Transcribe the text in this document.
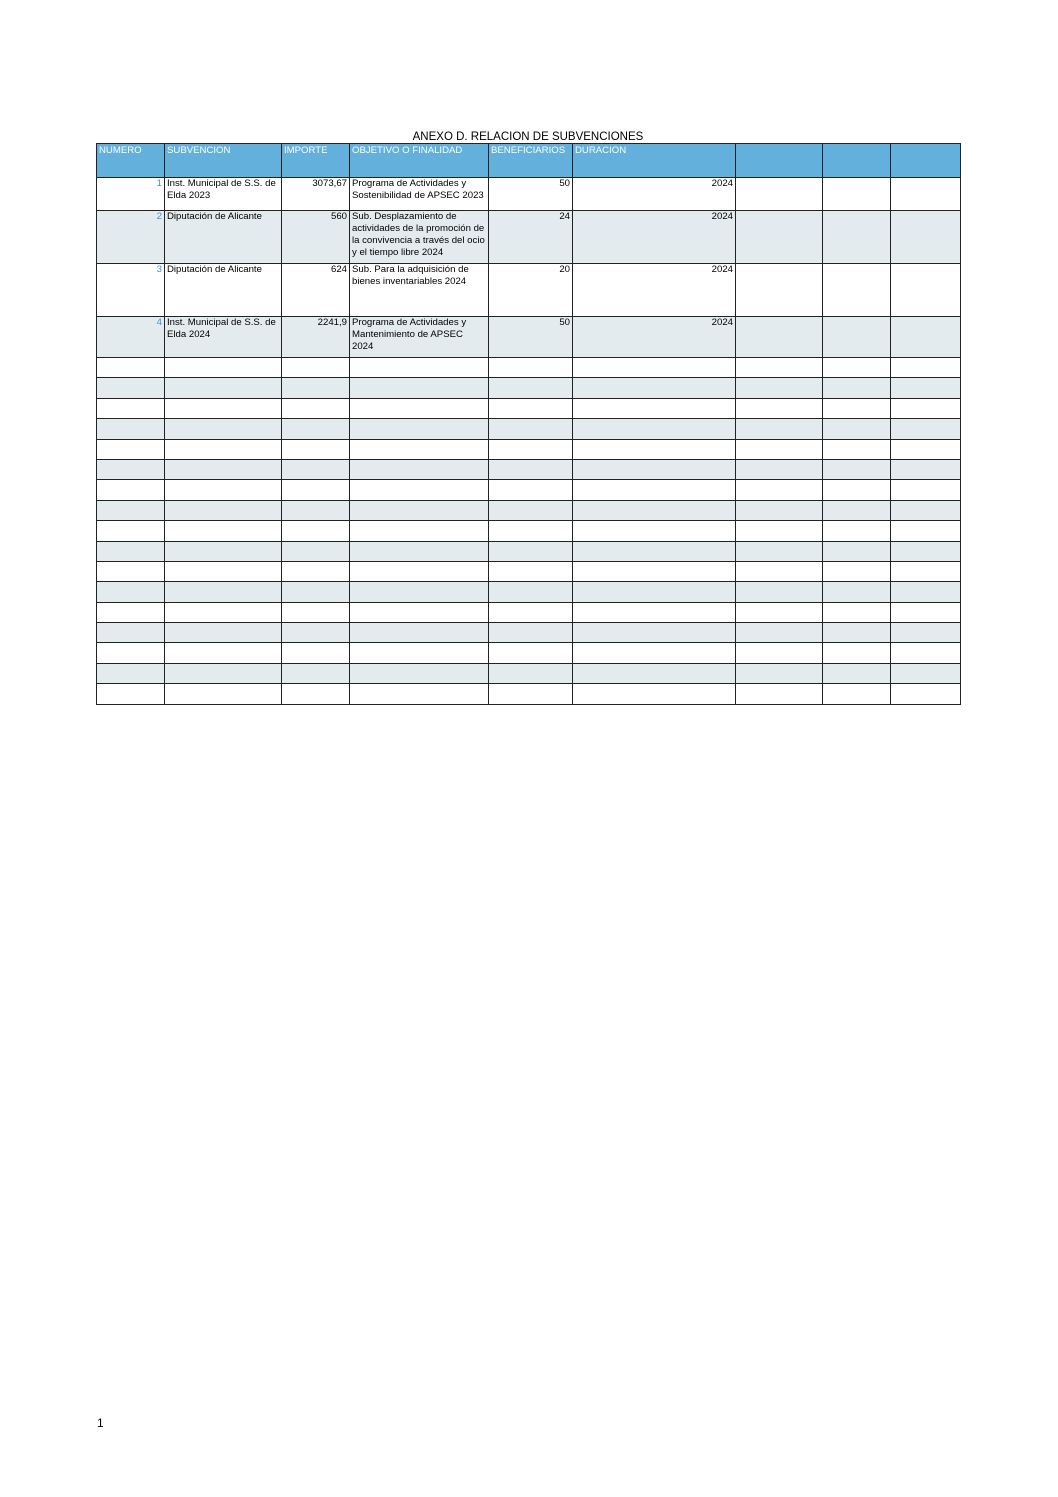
ANEXO D. RELACION DE SUBVENCIONES
NUMERO	SUBVENCION	IMPORTE	OBJETIVO O FINALIDAD	BENEFICIARIOS	DURACION			
1	Inst. Municipal de S.S. de Elda 2023	3073,67	Programa de Actividades y Sostenibilidad de APSEC 2023	50	2024			
2	Diputación de Alicante	560	Sub. Desplazamiento de actividades de la promoción de la convivencia a través del ocio y el tiempo libre 2024	24	2024			
3	Diputación de Alicante	624	Sub. Para la adquisición de bienes inventariables 2024	20	2024			
4	Inst. Municipal de S.S. de Elda 2024	2241,9	Programa de Actividades y Mantenimiento de APSEC 2024	50	2024			

1
